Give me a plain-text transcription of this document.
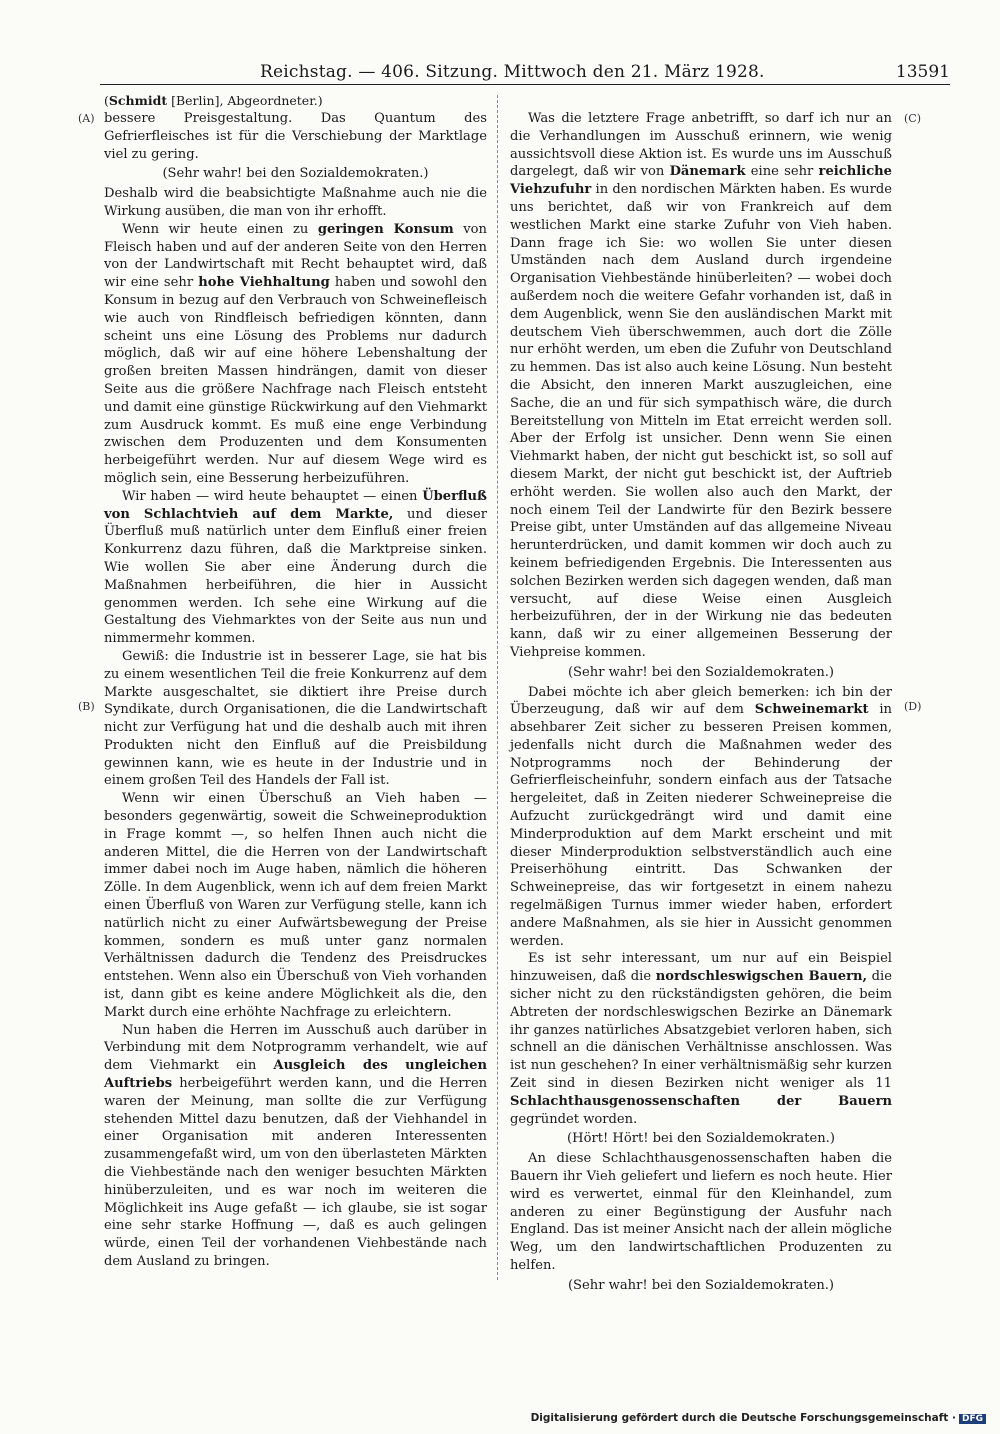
Reichstag. — 406. Sitzung. Mittwoch den 21. März 1928.	13591
(Schmidt [Berlin], Abgeordneter.)
(A)
(B)
(C)
(D)

bessere Preisgestaltung. Das Quantum des Gefrierfleisches ist für die Verschiebung der Marktlage viel zu gering.

(Sehr wahr! bei den Sozialdemokraten.)

Deshalb wird die beabsichtigte Maßnahme auch nie die Wirkung ausüben, die man von ihr erhofft.

Wenn wir heute einen zu geringen Konsum von Fleisch haben und auf der anderen Seite von den Herren von der Landwirtschaft mit Recht behauptet wird, daß wir eine sehr hohe Viehhaltung haben und sowohl den Konsum in bezug auf den Verbrauch von Schweinefleisch wie auch von Rindfleisch befriedigen könnten, dann scheint uns eine Lösung des Problems nur dadurch möglich, daß wir auf eine höhere Lebenshaltung der großen breiten Massen hindrängen, damit von dieser Seite aus die größere Nachfrage nach Fleisch entsteht und damit eine günstige Rückwirkung auf den Viehmarkt zum Ausdruck kommt. Es muß eine enge Verbindung zwischen dem Produzenten und dem Konsumenten herbeigeführt werden. Nur auf diesem Wege wird es möglich sein, eine Besserung herbeizuführen.

Wir haben — wird heute behauptet — einen Überfluß von Schlachtvieh auf dem Markte, und dieser Überfluß muß natürlich unter dem Einfluß einer freien Konkurrenz dazu führen, daß die Marktpreise sinken. Wie wollen Sie aber eine Änderung durch die Maßnahmen herbeiführen, die hier in Aussicht genommen werden. Ich sehe eine Wirkung auf die Gestaltung des Viehmarktes von der Seite aus nun und nimmermehr kommen.

Gewiß: die Industrie ist in besserer Lage, sie hat bis zu einem wesentlichen Teil die freie Konkurrenz auf dem Markte ausgeschaltet, sie diktiert ihre Preise durch Syndikate, durch Organisationen, die die Landwirtschaft nicht zur Verfügung hat und die deshalb auch mit ihren Produkten nicht den Einfluß auf die Preisbildung gewinnen kann, wie es heute in der Industrie und in einem großen Teil des Handels der Fall ist.

Wenn wir einen Überschuß an Vieh haben — besonders gegenwärtig, soweit die Schweineproduktion in Frage kommt —, so helfen Ihnen auch nicht die anderen Mittel, die die Herren von der Landwirtschaft immer dabei noch im Auge haben, nämlich die höheren Zölle. In dem Augenblick, wenn ich auf dem freien Markt einen Überfluß von Waren zur Verfügung stelle, kann ich natürlich nicht zu einer Aufwärtsbewegung der Preise kommen, sondern es muß unter ganz normalen Verhältnissen dadurch die Tendenz des Preisdruckes entstehen. Wenn also ein Überschuß von Vieh vorhanden ist, dann gibt es keine andere Möglichkeit als die, den Markt durch eine erhöhte Nachfrage zu erleichtern.

Nun haben die Herren im Ausschuß auch darüber in Verbindung mit dem Notprogramm verhandelt, wie auf dem Viehmarkt ein Ausgleich des ungleichen Auftriebs herbeigeführt werden kann, und die Herren waren der Meinung, man sollte die zur Verfügung stehenden Mittel dazu benutzen, daß der Viehhandel in einer Organisation mit anderen Interessenten zusammengefaßt wird, um von den überlasteten Märkten die Viehbestände nach den weniger besuchten Märkten hinüberzuleiten, und es war noch im weiteren die Möglichkeit ins Auge gefaßt — ich glaube, sie ist sogar eine sehr starke Hoffnung —, daß es auch gelingen würde, einen Teil der vorhandenen Viehbestände nach dem Ausland zu bringen.

Was die letztere Frage anbetrifft, so darf ich nur an die Verhandlungen im Ausschuß erinnern, wie wenig aussichtsvoll diese Aktion ist. Es wurde uns im Ausschuß dargelegt, daß wir von Dänemark eine sehr reichliche Viehzufuhr in den nordischen Märkten haben. Es wurde uns berichtet, daß wir von Frankreich auf dem westlichen Markt eine starke Zufuhr von Vieh haben. Dann frage ich Sie: wo wollen Sie unter diesen Umständen nach dem Ausland durch irgendeine Organisation Viehbestände hinüberleiten? — wobei doch außerdem noch die weitere Gefahr vorhanden ist, daß in dem Augenblick, wenn Sie den ausländischen Markt mit deutschem Vieh überschwemmen, auch dort die Zölle nur erhöht werden, um eben die Zufuhr von Deutschland zu hemmen. Das ist also auch keine Lösung. Nun besteht die Absicht, den inneren Markt auszugleichen, eine Sache, die an und für sich sympathisch wäre, die durch Bereitstellung von Mitteln im Etat erreicht werden soll. Aber der Erfolg ist unsicher. Denn wenn Sie einen Viehmarkt haben, der nicht gut beschickt ist, so soll auf diesem Markt, der nicht gut beschickt ist, der Auftrieb erhöht werden. Sie wollen also auch den Markt, der noch einem Teil der Landwirte für den Bezirk bessere Preise gibt, unter Umständen auf das allgemeine Niveau herunterdrücken, und damit kommen wir doch auch zu keinem befriedigenden Ergebnis. Die Interessenten aus solchen Bezirken werden sich dagegen wenden, daß man versucht, auf diese Weise einen Ausgleich herbeizuführen, der in der Wirkung nie das bedeuten kann, daß wir zu einer allgemeinen Besserung der Viehpreise kommen.

(Sehr wahr! bei den Sozialdemokraten.)

Dabei möchte ich aber gleich bemerken: ich bin der Überzeugung, daß wir auf dem Schweinemarkt in absehbarer Zeit sicher zu besseren Preisen kommen, jedenfalls nicht durch die Maßnahmen weder des Notprogramms noch der Behinderung der Gefrierfleischeinfuhr, sondern einfach aus der Tatsache hergeleitet, daß in Zeiten niederer Schweinepreise die Aufzucht zurückgedrängt wird und damit eine Minderproduktion auf dem Markt erscheint und mit dieser Minderproduktion selbstverständlich auch eine Preiserhöhung eintritt. Das Schwanken der Schweinepreise, das wir fortgesetzt in einem nahezu regelmäßigen Turnus immer wieder haben, erfordert andere Maßnahmen, als sie hier in Aussicht genommen werden.

Es ist sehr interessant, um nur auf ein Beispiel hinzuweisen, daß die nordschleswigschen Bauern, die sicher nicht zu den rückständigsten gehören, die beim Abtreten der nordschleswigschen Bezirke an Dänemark ihr ganzes natürliches Absatzgebiet verloren haben, sich schnell an die dänischen Verhältnisse anschlossen. Was ist nun geschehen? In einer verhältnismäßig sehr kurzen Zeit sind in diesen Bezirken nicht weniger als 11 Schlachthausgenossenschaften der Bauern gegründet worden.

(Hört! Hört! bei den Sozialdemokraten.)

An diese Schlachthausgenossenschaften haben die Bauern ihr Vieh geliefert und liefern es noch heute. Hier wird es verwertet, einmal für den Kleinhandel, zum anderen zu einer Begünstigung der Ausfuhr nach England. Das ist meiner Ansicht nach der allein mögliche Weg, um den landwirtschaftlichen Produzenten zu helfen.

(Sehr wahr! bei den Sozialdemokraten.)

Digitalisierung gefördert durch die Deutsche Forschungsgemeinschaft · DFG
